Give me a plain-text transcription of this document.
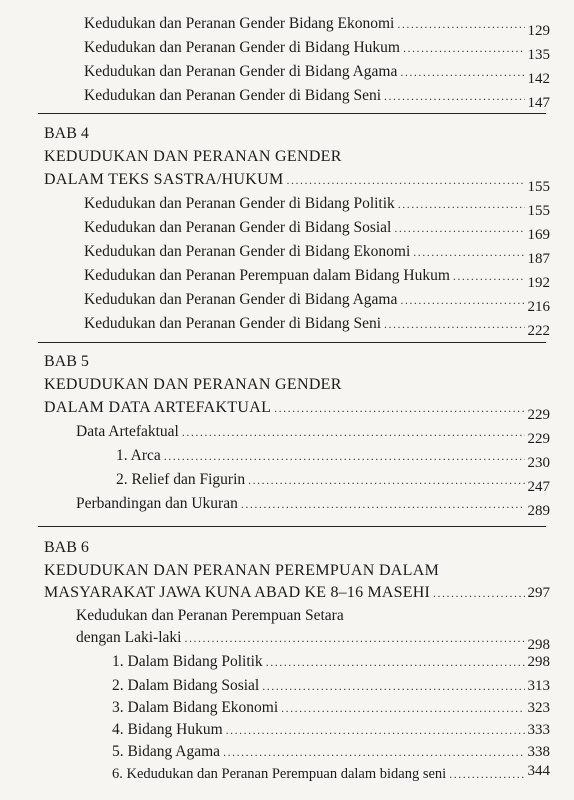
Kedudukan dan Peranan Gender Bidang Ekonomi .....	129
Kedudukan dan Peranan Gender di Bidang Hukum .....	135
Kedudukan dan Peranan Gender di Bidang Agama .....	142
Kedudukan dan Peranan Gender di Bidang Seni .....	147
BAB 4
KEDUDUKAN DAN PERANAN GENDER
DALAM TEKS SASTRA/HUKUM .....	155
Kedudukan dan Peranan Gender di Bidang Politik .....	155
Kedudukan dan Peranan Gender di Bidang Sosial .....	169
Kedudukan dan Peranan Gender di Bidang Ekonomi .....	187
Kedudukan dan Peranan Perempuan dalam Bidang Hukum .....	192
Kedudukan dan Peranan Gender di Bidang Agama .....	216
Kedudukan dan Peranan Gender di Bidang Seni .....	222
BAB 5
KEDUDUKAN DAN PERANAN GENDER
DALAM DATA ARTEFAKTUAL .....	229
Data Artefaktual .....	229
1. Arca .....	230
2. Relief dan Figurin .....	247
Perbandingan dan Ukuran .....	289
BAB 6
KEDUDUKAN DAN PERANAN PEREMPUAN DALAM
MASYARAKAT JAWA KUNA ABAD KE 8–16 MASEHI .....	297
Kedudukan dan Peranan Perempuan Setara
dengan Laki-laki .....	298
1. Dalam Bidang Politik .....	298
2. Dalam Bidang Sosial .....	313
3. Dalam Bidang Ekonomi .....	323
4. Bidang Hukum .....	333
5. Bidang Agama .....	338
6. Kedudukan dan Peranan Perempuan dalam bidang seni .....	344
